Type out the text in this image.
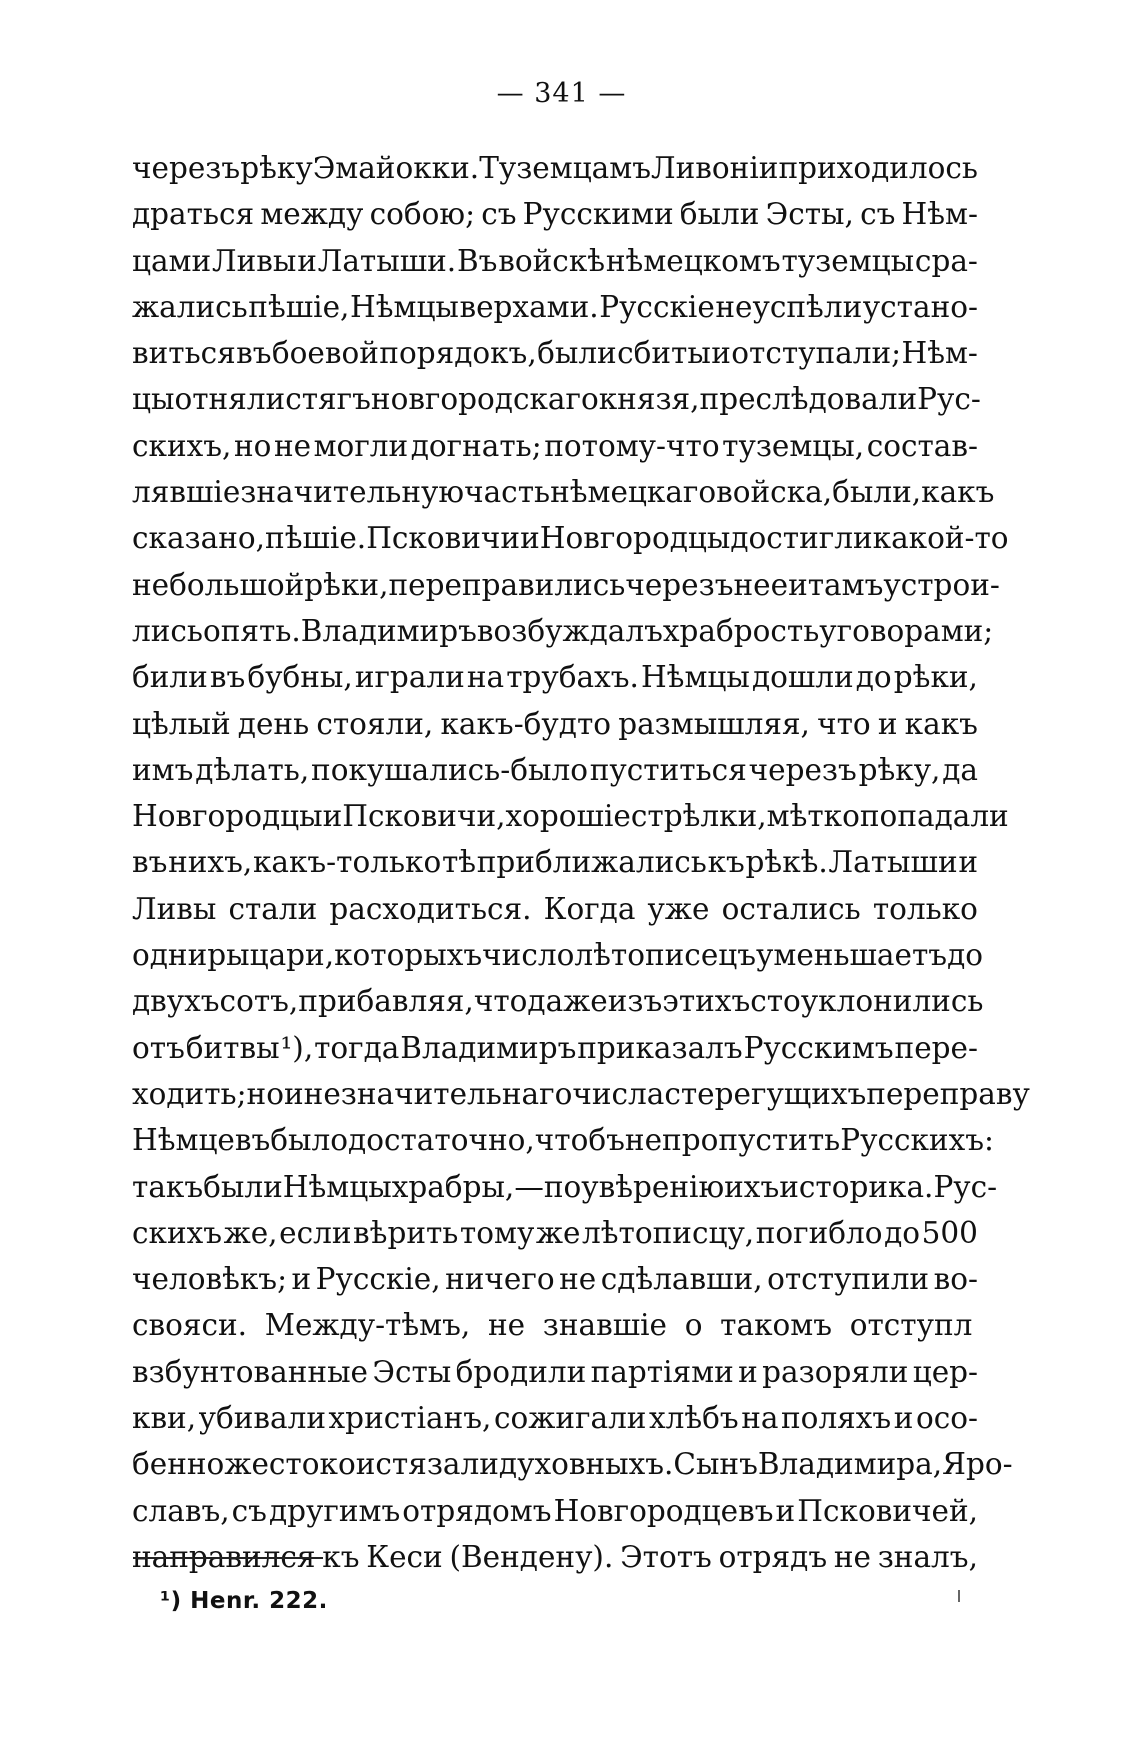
— 341 —
черезъ рѣку Эмайокки. Туземцамъ Ливоніи приходилось
драться между собою; съ Русскими были Эсты, съ Нѣм-
цами Ливы и Латыши. Въ войскѣ нѣмецкомъ туземцы сра-
жались пѣшіе, Нѣмцы верхами. Русскіе неуспѣли устано-
виться въ боевой порядокъ, были сбиты и отступали; Нѣм-
цы отняли стягъ новгородскаго князя, преслѣдовали Рус-
скихъ, но не могли догнать; потому-что туземцы, состав-
лявшіе значительную часть нѣмецкаго войска, были, какъ
сказано, пѣшіе. Псковичи и Новгородцы достигли какой-то
небольшой рѣки, переправились черезъ нее и тамъ устрои-
лись опять. Владимиръ возбуждалъ храбрость уговорами;
били въ бубны, играли на трубахъ. Нѣмцы дошли до рѣки,
цѣлый день стояли, какъ-будто размышляя, что и какъ
имъ дѣлать, покушались-было пуститься черезъ рѣку, да
Новгородцы и Псковичи, хорошіе стрѣлки, мѣтко попадали
въ нихъ, какъ-только тѣ приближались къ рѣкѣ. Латыши и
Ливы стали расходиться. Когда уже остались только
одни рыцари, которыхъ число лѣтописецъ уменьшаетъ до
двухъ сотъ, прибавляя, что даже изъ этихъ сто уклонились
отъ битвы ¹), тогда Владимиръ приказалъ Русскимъ пере-
ходить; но и незначительнаго числа стерегущихъ переправу
Нѣмцевъ было достаточно, чтобъ не пропустить Русскихъ:
такъ были Нѣмцы храбры,—по увѣренію ихъ историка. Рус-
скихъ же, если вѣрить тому же лѣтописцу, погибло до 500
человѣкъ; и Русскіе, ничего не сдѣлавши, отступили во-
свояси. Между-тѣмъ, не знавшіе о такомъ отступл
взбунтованные Эсты бродили партіями и разоряли цер-
кви, убивали христіанъ, сожигали хлѣбъ на поляхъ и осо-
бенно жестоко истязали духовныхъ. Сынъ Владимира, Яро-
славъ, съ другимъ отрядомъ Новгородцевъ и Псковичей,
направился къ Кеси (Вендену). Этотъ отрядъ не зналъ,
¹) Henr. 222.
